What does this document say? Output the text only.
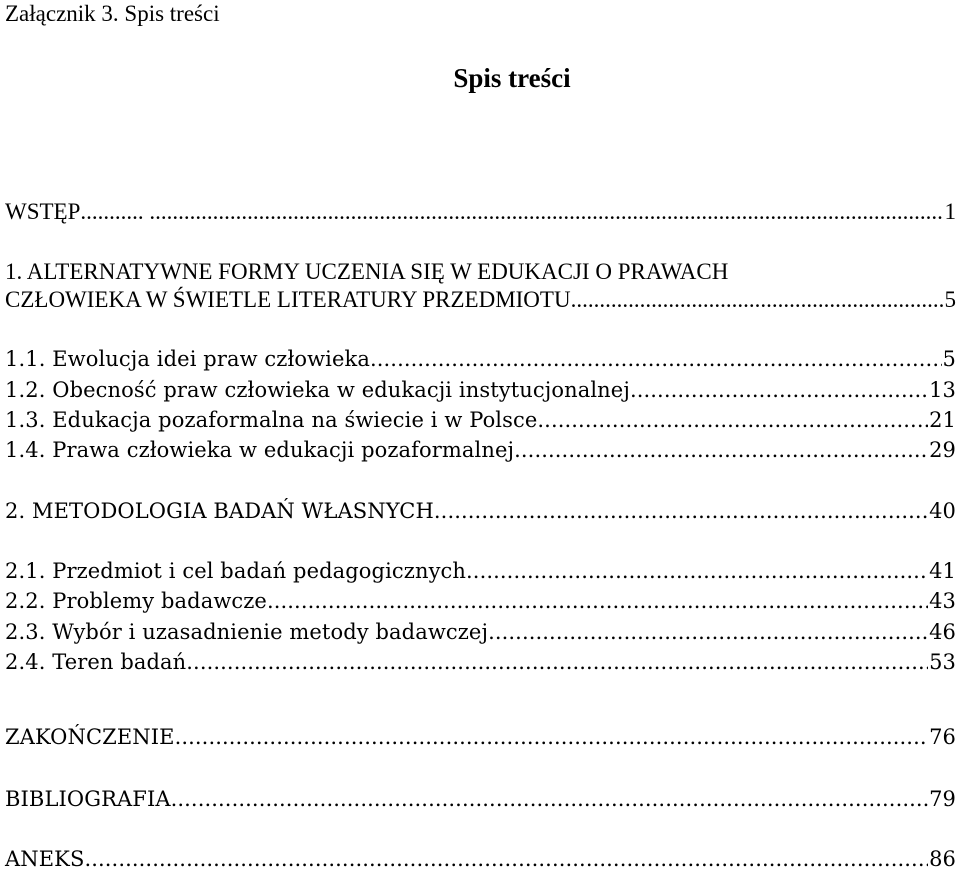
Załącznik 3. Spis treści
Spis treści
WSTĘP ........... .....	1
1. ALTERNATYWNE FORMY UCZENIA SIĘ W EDUKACJI O PRAWACH
CZŁOWIEKA W ŚWIETLE LITERATURY PRZEDMIOTU .....	5
1.1. Ewolucja idei praw człowieka .....	5
1.2. Obecność praw człowieka w edukacji instytucjonalnej .....	13
1.3. Edukacja pozaformalna na świecie i w Polsce .....	21
1.4. Prawa człowieka w edukacji pozaformalnej .....	29
2. METODOLOGIA BADAŃ WŁASNYCH .....	40
2.1. Przedmiot i cel badań pedagogicznych .....	41
2.2. Problemy badawcze .....	43
2.3. Wybór i uzasadnienie metody badawczej .....	46
2.4. Teren badań .....	53
ZAKOŃCZENIE .....	76
BIBLIOGRAFIA .....	79
ANEKS .....	86
